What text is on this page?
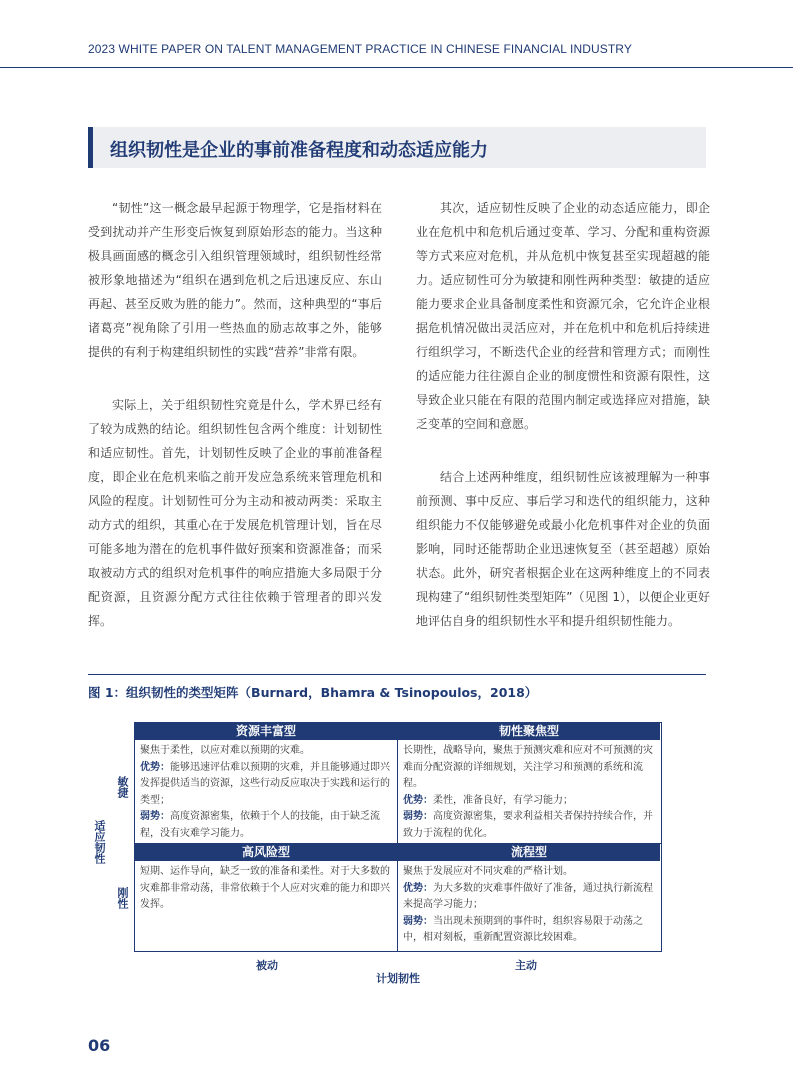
2023 WHITE PAPER ON TALENT MANAGEMENT PRACTICE IN CHINESE FINANCIAL INDUSTRY
组织韧性是企业的事前准备程度和动态适应能力

“韧性”这一概念最早起源于物理学，它是指材料在受到扰动并产生形变后恢复到原始形态的能力。当这种极具画面感的概念引入组织管理领域时，组织韧性经常被形象地描述为“组织在遇到危机之后迅速反应、东山再起、甚至反败为胜的能力”。然而，这种典型的“事后诸葛亮”视角除了引用一些热血的励志故事之外，能够提供的有利于构建组织韧性的实践“营养”非常有限。

实际上，关于组织韧性究竟是什么，学术界已经有了较为成熟的结论。组织韧性包含两个维度：计划韧性和适应韧性。首先，计划韧性反映了企业的事前准备程度，即企业在危机来临之前开发应急系统来管理危机和风险的程度。计划韧性可分为主动和被动两类：采取主动方式的组织，其重心在于发展危机管理计划，旨在尽可能多地为潜在的危机事件做好预案和资源准备；而采取被动方式的组织对危机事件的响应措施大多局限于分配资源，且资源分配方式往往依赖于管理者的即兴发挥。

其次，适应韧性反映了企业的动态适应能力，即企业在危机中和危机后通过变革、学习、分配和重构资源等方式来应对危机，并从危机中恢复甚至实现超越的能力。适应韧性可分为敏捷和刚性两种类型：敏捷的适应能力要求企业具备制度柔性和资源冗余，它允许企业根据危机情况做出灵活应对，并在危机中和危机后持续进行组织学习，不断迭代企业的经营和管理方式；而刚性的适应能力往往源自企业的制度惯性和资源有限性，这导致企业只能在有限的范围内制定或选择应对措施，缺乏变革的空间和意愿。

结合上述两种维度，组织韧性应该被理解为一种事前预测、事中反应、事后学习和迭代的组织能力，这种组织能力不仅能够避免或最小化危机事件对企业的负面影响，同时还能帮助企业迅速恢复至（甚至超越）原始状态。此外，研究者根据企业在这两种维度上的不同表现构建了“组织韧性类型矩阵”（见图 1），以便企业更好地评估自身的组织韧性水平和提升组织韧性能力。

图 1：组织韧性的类型矩阵（Burnard，Bhamra & Tsinopoulos，2018）
资源丰富型

聚焦于柔性，以应对难以预期的灾难。

优势：能够迅速评估难以预期的灾难，并且能够通过即兴发挥提供适当的资源，这些行动反应取决于实践和运行的类型；

弱势：高度资源密集，依赖于个人的技能，由于缺乏流程，没有灾难学习能力。

韧性聚焦型

长期性，战略导向，聚焦于预测灾难和应对不可预测的灾难而分配资源的详细规划，关注学习和预测的系统和流程。

优势：柔性，准备良好，有学习能力；

弱势：高度资源密集，要求利益相关者保持持续合作，并致力于流程的优化。

高风险型

短期、运作导向，缺乏一致的准备和柔性。对于大多数的灾难都非常动荡，非常依赖于个人应对灾难的能力和即兴发挥。

流程型

聚焦于发展应对不同灾难的严格计划。

优势：为大多数的灾难事件做好了准备，通过执行新流程来提高学习能力；

弱势：当出现未预期到的事件时，组织容易限于动荡之中，相对刻板，重新配置资源比较困难。

适应韧性
敏捷
刚性
被动	主动
计划韧性
06
